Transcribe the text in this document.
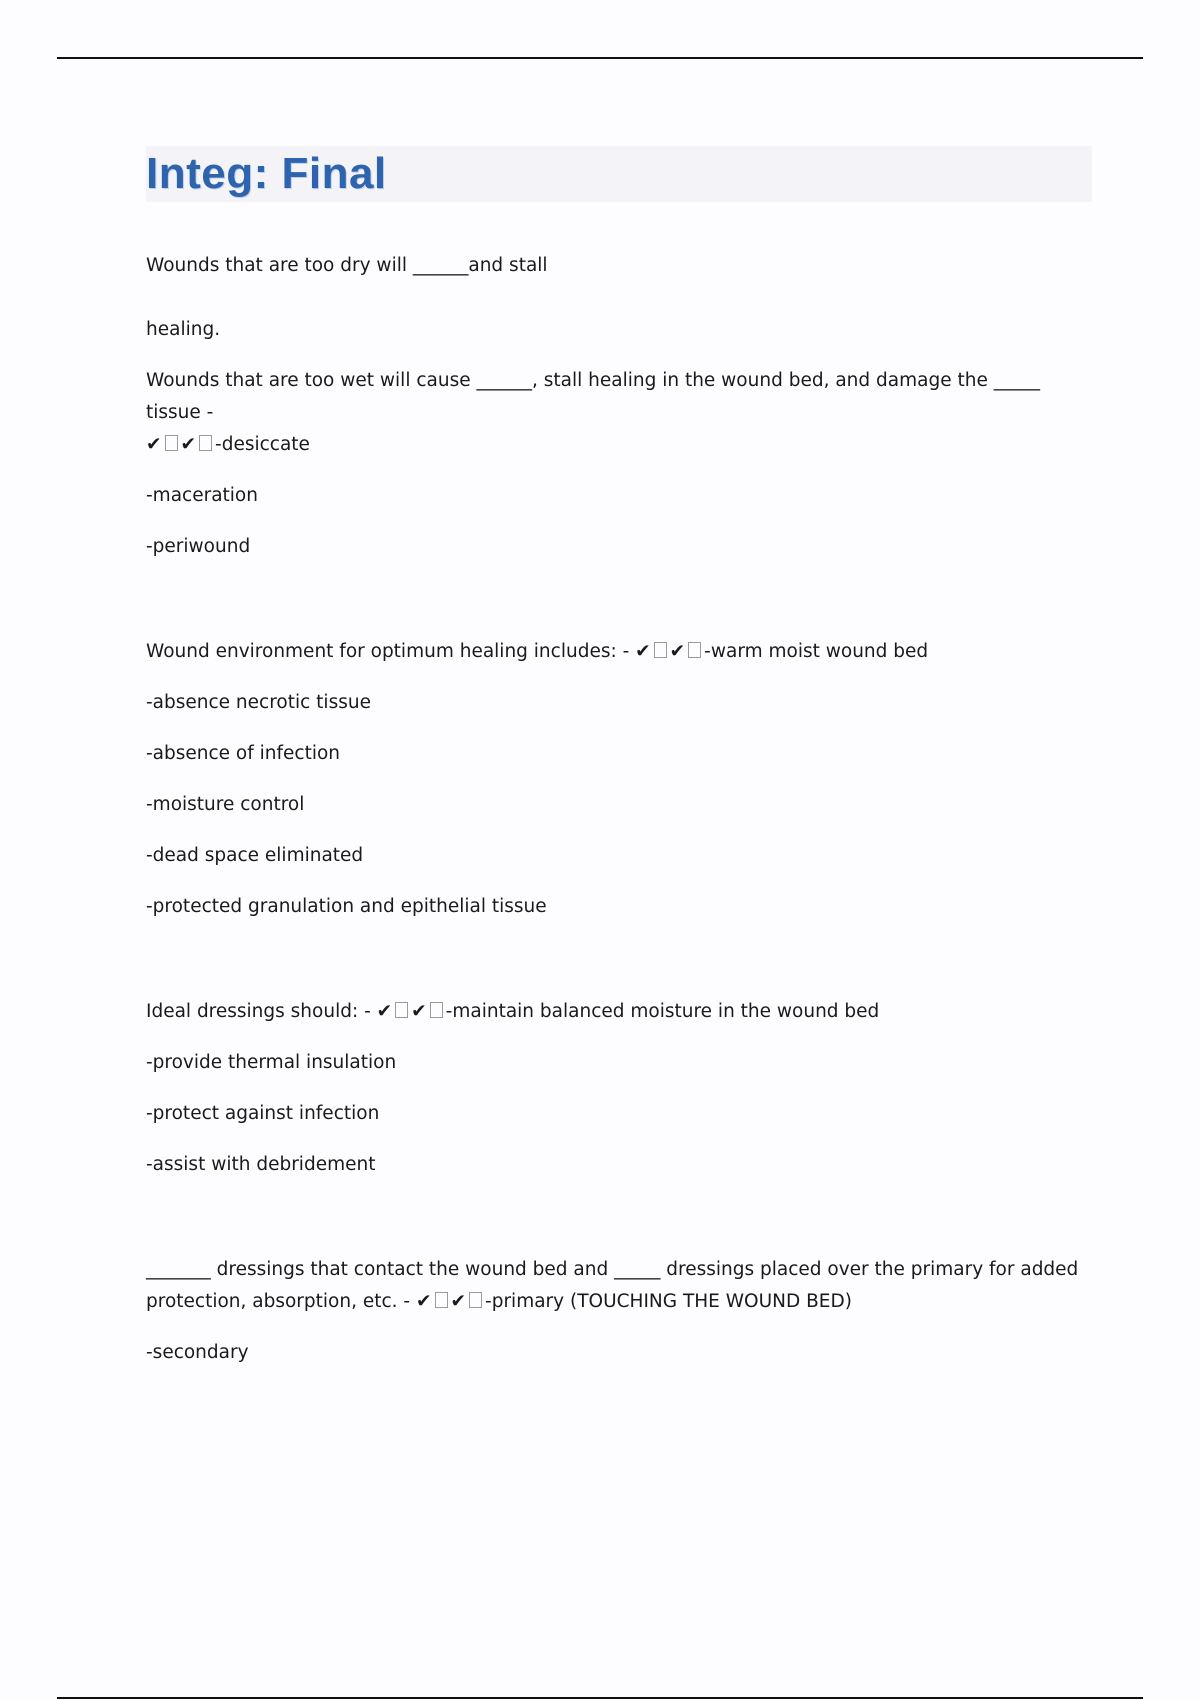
Integ: Final
Wounds that are too dry will ______and stall

healing.
Wounds that are too wet will cause ______, stall healing in the wound bed, and damage the _____ tissue -
✔ ✔ -desiccate
-maceration
-periwound
Wound environment for optimum healing includes: - ✔ ✔ -warm moist wound bed
-absence necrotic tissue
-absence of infection
-moisture control
-dead space eliminated
-protected granulation and epithelial tissue
Ideal dressings should: - ✔ ✔ -maintain balanced moisture in the wound bed
-provide thermal insulation
-protect against infection
-assist with debridement
_______ dressings that contact the wound bed and _____ dressings placed over the primary for added protection, absorption, etc. - ✔ ✔ -primary (TOUCHING THE WOUND BED)
-secondary
